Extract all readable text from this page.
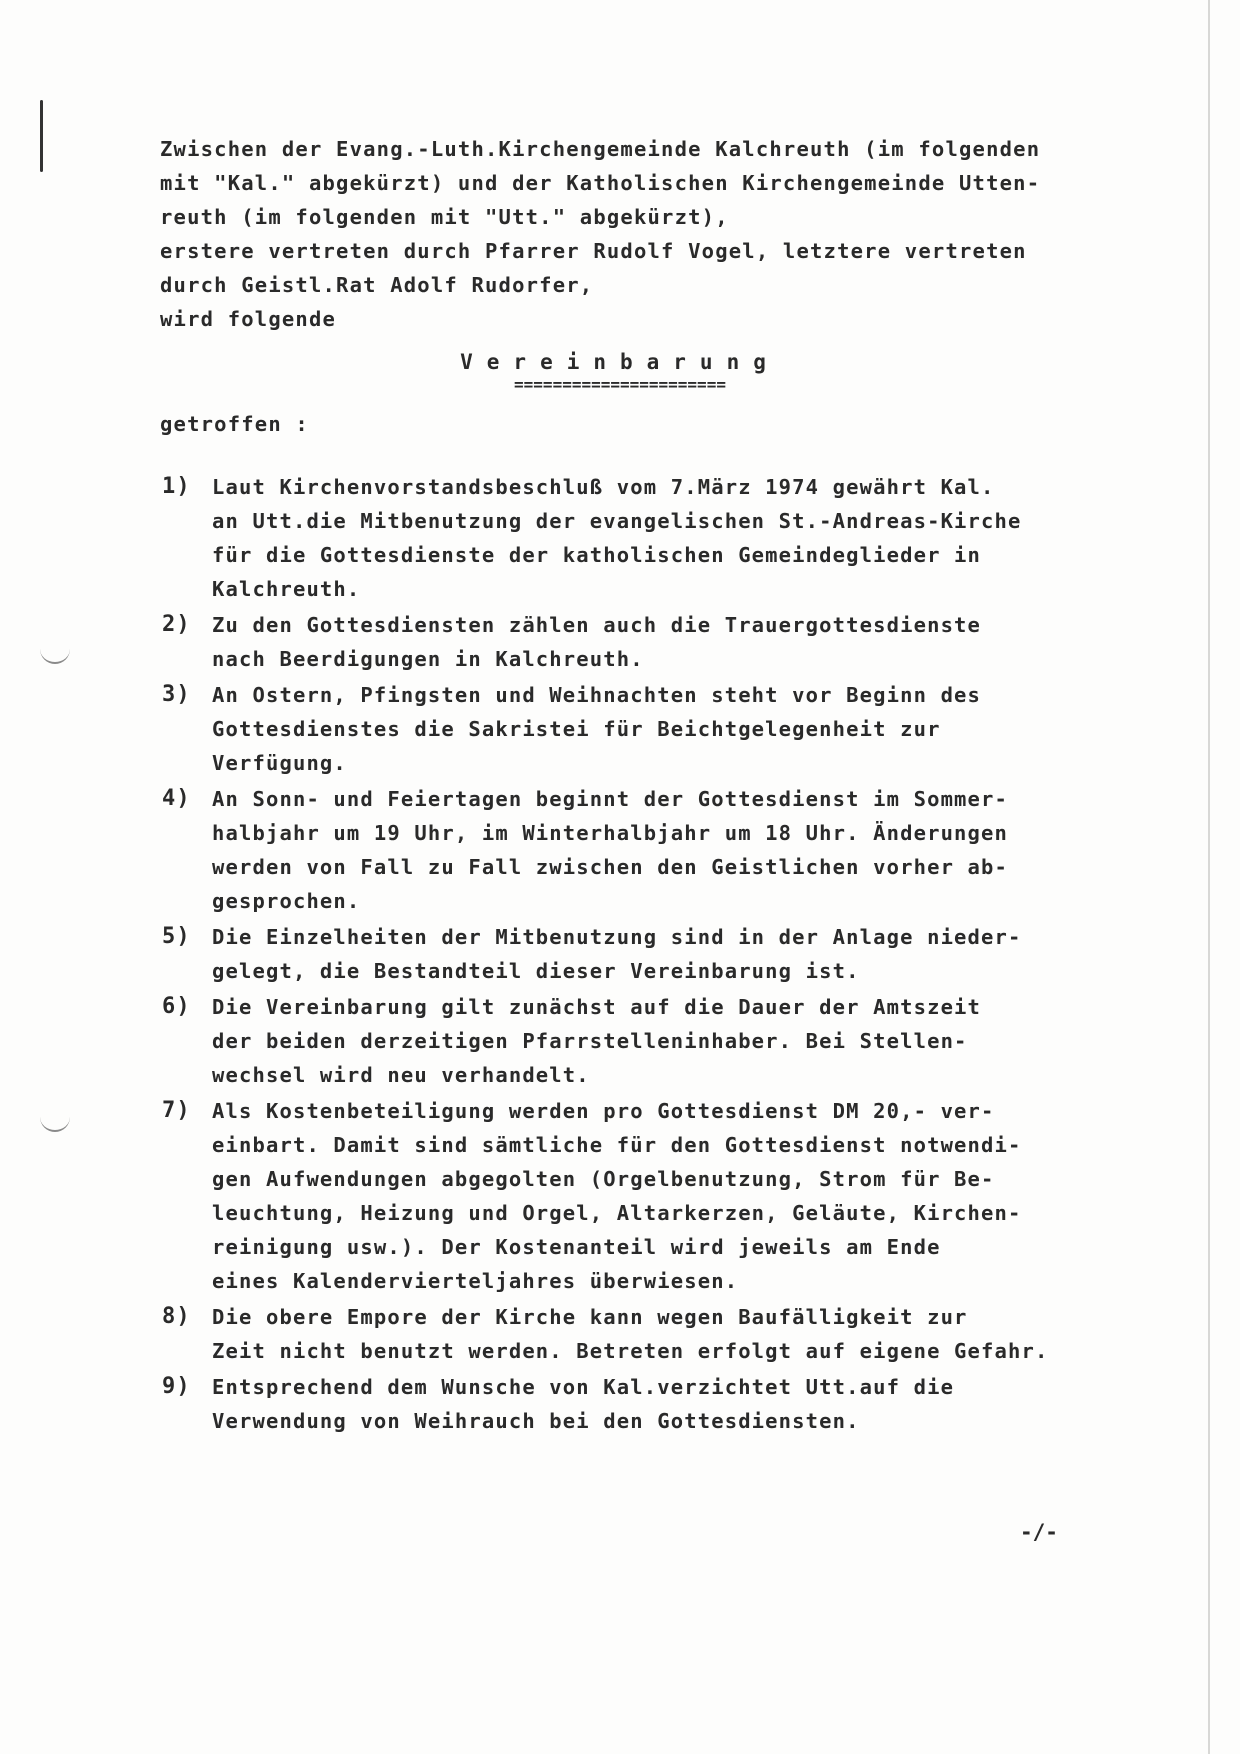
Zwischen der Evang.-Luth.Kirchengemeinde Kalchreuth (im folgenden
mit "Kal." abgekürzt) und der Katholischen Kirchengemeinde Utten-
reuth (im folgenden mit "Utt." abgekürzt),
erstere vertreten durch Pfarrer Rudolf Vogel, letztere vertreten
durch Geistl.Rat Adolf Rudorfer,
wird folgende
Vereinbarung
======================
getroffen :
1)	Laut Kirchenvorstandsbeschluß vom 7.März 1974 gewährt Kal.
an Utt.die Mitbenutzung der evangelischen St.-Andreas-Kirche
für die Gottesdienste der katholischen Gemeindeglieder in
Kalchreuth.
2)	Zu den Gottesdiensten zählen auch die Trauergottesdienste
nach Beerdigungen in Kalchreuth.
3)	An Ostern, Pfingsten und Weihnachten steht vor Beginn des
Gottesdienstes die Sakristei für Beichtgelegenheit zur
Verfügung.
4)	An Sonn- und Feiertagen beginnt der Gottesdienst im Sommer-
halbjahr um 19 Uhr, im Winterhalbjahr um 18 Uhr. Änderungen
werden von Fall zu Fall zwischen den Geistlichen vorher ab-
gesprochen.
5)	Die Einzelheiten der Mitbenutzung sind in der Anlage nieder-
gelegt, die Bestandteil dieser Vereinbarung ist.
6)	Die Vereinbarung gilt zunächst auf die Dauer der Amtszeit
der beiden derzeitigen Pfarrstelleninhaber. Bei Stellen-
wechsel wird neu verhandelt.
7)	Als Kostenbeteiligung werden pro Gottesdienst DM 20,- ver-
einbart. Damit sind sämtliche für den Gottesdienst notwendi-
gen Aufwendungen abgegolten (Orgelbenutzung, Strom für Be-
leuchtung, Heizung und Orgel, Altarkerzen, Geläute, Kirchen-
reinigung usw.). Der Kostenanteil wird jeweils am Ende
eines Kalendervierteljahres überwiesen.
8)	Die obere Empore der Kirche kann wegen Baufälligkeit zur
Zeit nicht benutzt werden. Betreten erfolgt auf eigene Gefahr.
9)	Entsprechend dem Wunsche von Kal.verzichtet Utt.auf die
Verwendung von Weihrauch bei den Gottesdiensten.
-/-
